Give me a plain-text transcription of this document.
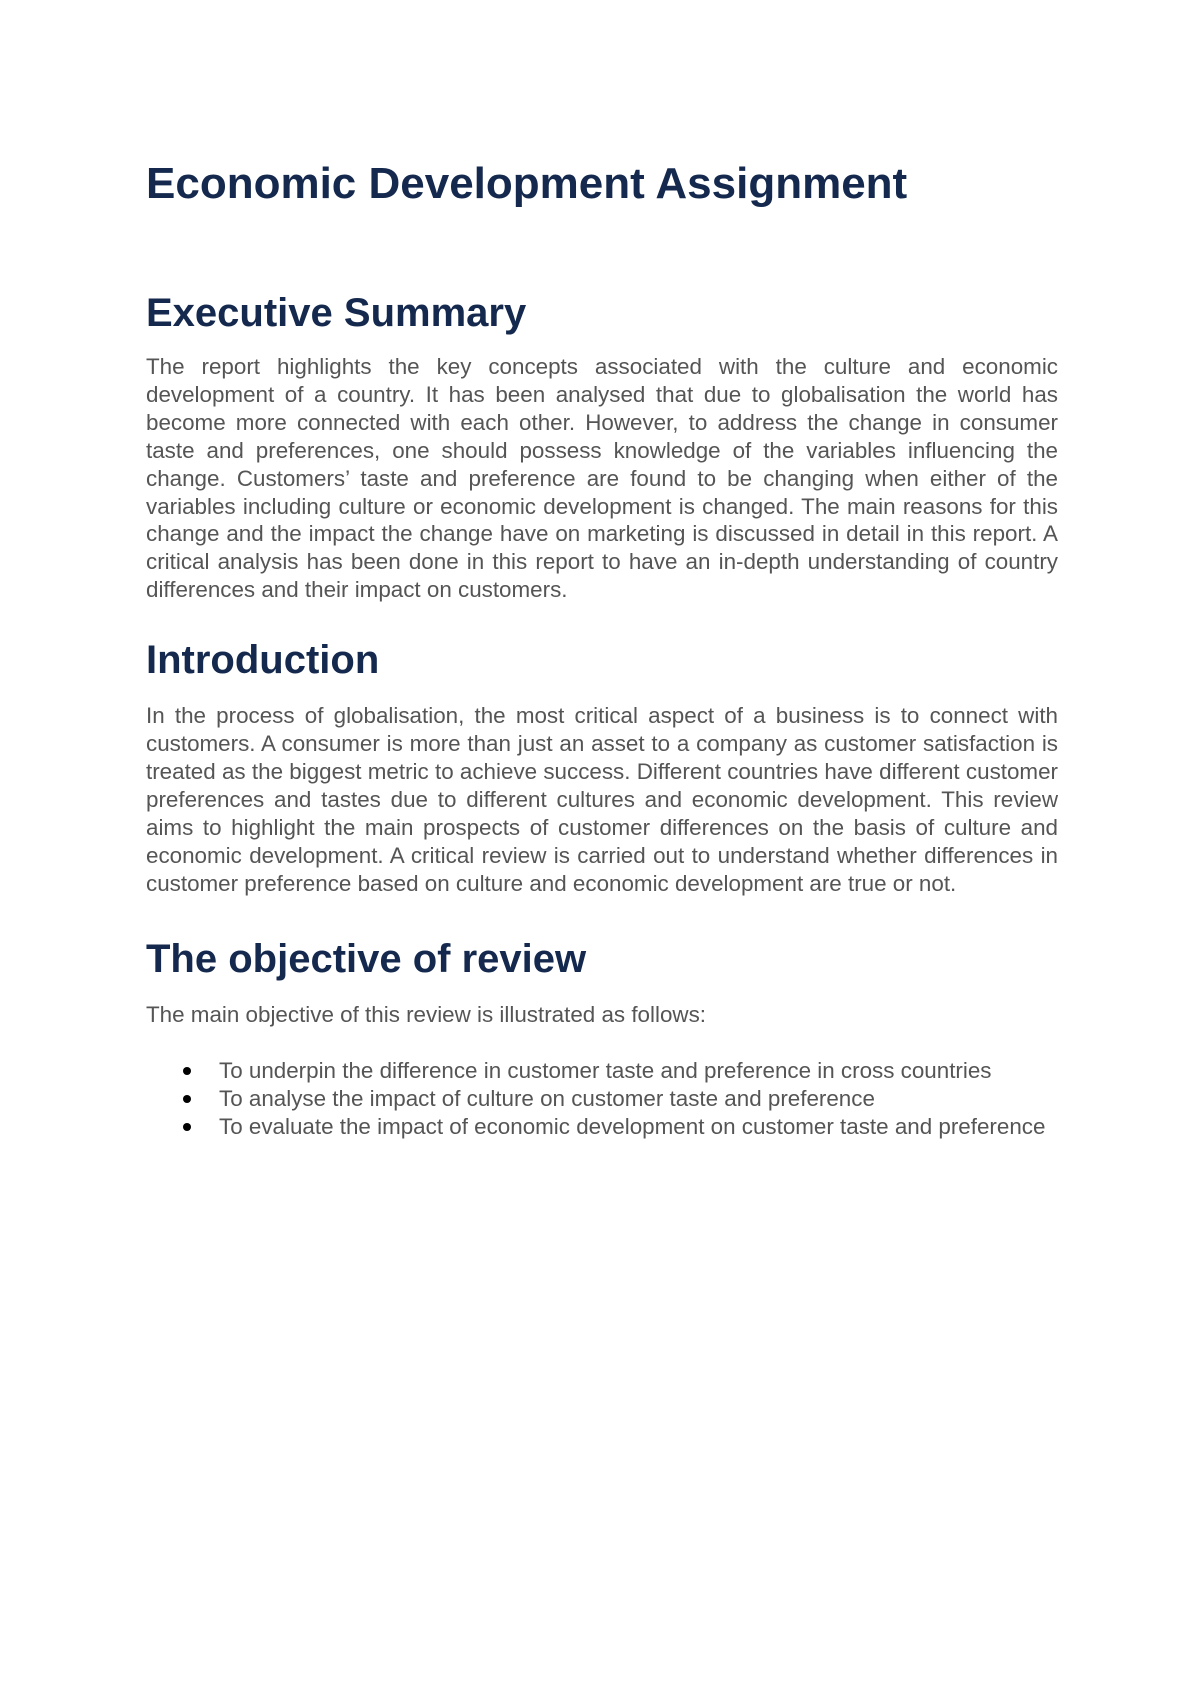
Economic Development Assignment
Executive Summary

The report highlights the key concepts associated with the culture and economic development of a country. It has been analysed that due to globalisation the world has become more connected with each other. However, to address the change in consumer taste and preferences, one should possess knowledge of the variables influencing the change. Customers’ taste and preference are found to be changing when either of the variables including culture or economic development is changed. The main reasons for this change and the impact the change have on marketing is discussed in detail in this report. A critical analysis has been done in this report to have an in-depth understanding of country differences and their impact on customers.

Introduction

In the process of globalisation, the most critical aspect of a business is to connect with customers. A consumer is more than just an asset to a company as customer satisfaction is treated as the biggest metric to achieve success. Different countries have different customer preferences and tastes due to different cultures and economic development. This review aims to highlight the main prospects of customer differences on the basis of culture and economic development. A critical review is carried out to understand whether differences in customer preference based on culture and economic development are true or not.

The objective of review

The main objective of this review is illustrated as follows:

To underpin the difference in customer taste and preference in cross countries
To analyse the impact of culture on customer taste and preference
To evaluate the impact of economic development on customer taste and preference
